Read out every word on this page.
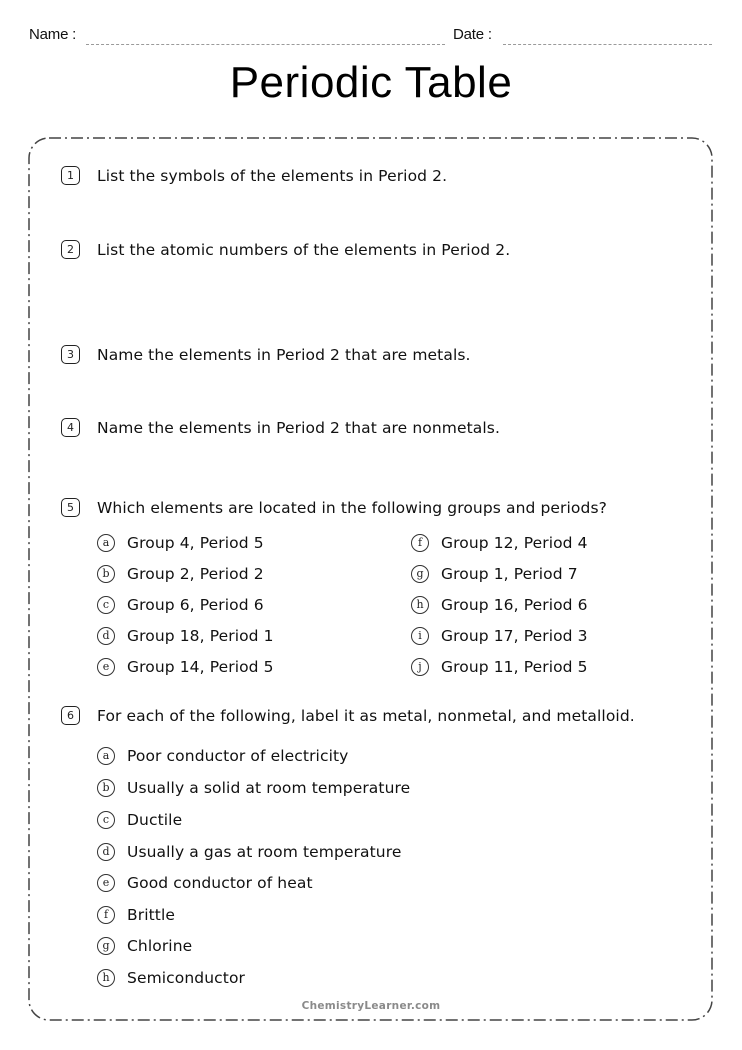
Name :	Date :
Periodic Table
1	List the symbols of the elements in Period 2.
2	List the atomic numbers of the elements in Period 2.
3	Name the elements in Period 2 that are metals.
4	Name the elements in Period 2 that are nonmetals.
5	Which elements are located in the following groups and periods?
a	Group 4, Period 5
b	Group 2, Period 2
c	Group 6, Period 6
d	Group 18, Period 1
e	Group 14, Period 5
f	Group 12, Period 4
g	Group 1, Period 7
h	Group 16, Period 6
i	Group 17, Period 3
j	Group 11, Period 5
6	For each of the following, label it as metal, nonmetal, and metalloid.
a	Poor conductor of electricity
b	Usually a solid at room temperature
c	Ductile
d	Usually a gas at room temperature
e	Good conductor of heat
f	Brittle
g	Chlorine
h	Semiconductor
ChemistryLearner.com
